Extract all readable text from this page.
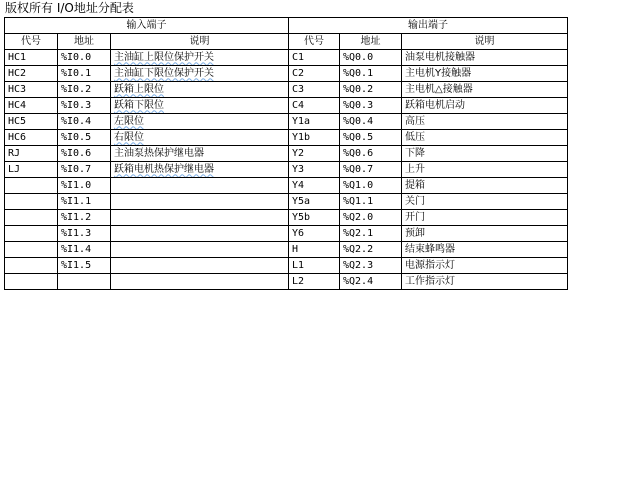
版权所有 I/O地址分配表
输入端子			输出端子		
代号	地址	说明	代号	地址	说明
HC1	%I0.0	主油缸上限位保护开关	C1	%Q0.0	油泵电机接触器
HC2	%I0.1	主油缸下限位保护开关	C2	%Q0.1	主电机Y接触器
HC3	%I0.2	跃箱上限位	C3	%Q0.2	主电机△接触器
HC4	%I0.3	跃箱下限位	C4	%Q0.3	跃箱电机启动
HC5	%I0.4	左限位	Y1a	%Q0.4	高压
HC6	%I0.5	右限位	Y1b	%Q0.5	低压
RJ	%I0.6	主油泵热保护继电器	Y2	%Q0.6	下降
LJ	%I0.7	跃箱电机热保护继电器	Y3	%Q0.7	上升
	%I1.0		Y4	%Q1.0	提箱
	%I1.1		Y5a	%Q1.1	关门
	%I1.2		Y5b	%Q2.0	开门
	%I1.3		Y6	%Q2.1	预卸
	%I1.4		H	%Q2.2	结束蜂鸣器
	%I1.5		L1	%Q2.3	电源指示灯
			L2	%Q2.4	工作指示灯
